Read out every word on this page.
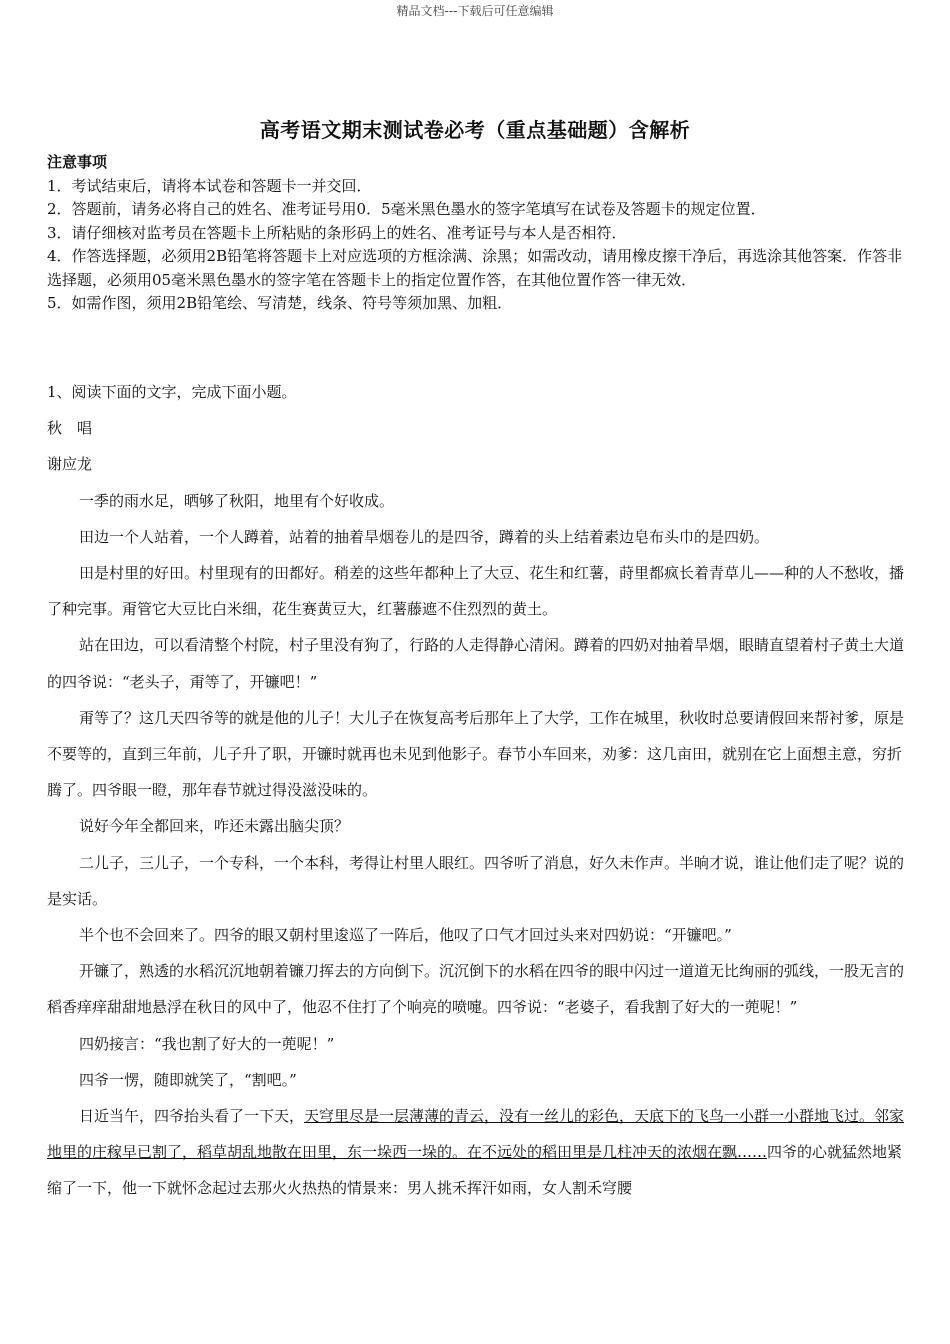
精品文档---下载后可任意编辑
高考语文期末测试卷必考（重点基础题）含解析

注意事项

1．考试结束后，请将本试卷和答题卡一并交回．

2．答题前，请务必将自己的姓名、准考证号用0．5毫米黑色墨水的签字笔填写在试卷及答题卡的规定位置．

3．请仔细核对监考员在答题卡上所粘贴的条形码上的姓名、准考证号与本人是否相符．

4．作答选择题，必须用2B铅笔将答题卡上对应选项的方框涂满、涂黑；如需改动，请用橡皮擦干净后，再选涂其他答案．作答非选择题，必须用05毫米黑色墨水的签字笔在答题卡上的指定位置作答，在其他位置作答一律无效．

5．如需作图，须用2B铅笔绘、写清楚，线条、符号等须加黑、加粗．

1、阅读下面的文字，完成下面小题。

秋　唱

谢应龙

一季的雨水足，晒够了秋阳，地里有个好收成。

田边一个人站着，一个人蹲着，站着的抽着旱烟卷儿的是四爷，蹲着的头上结着素边皂布头巾的是四奶。

田是村里的好田。村里现有的田都好。稍差的这些年都种上了大豆、花生和红薯，莳里都疯长着青草儿——种的人不愁收，播了种完事。甭管它大豆比白米细，花生赛黄豆大，红薯藤遮不住烈烈的黄土。

站在田边，可以看清整个村院，村子里没有狗了，行路的人走得静心清闲。蹲着的四奶对抽着旱烟，眼睛直望着村子黄土大道的四爷说：“老头子，甭等了，开镰吧！”

甭等了？这几天四爷等的就是他的儿子！大儿子在恢复高考后那年上了大学，工作在城里，秋收时总要请假回来帮衬爹，原是不要等的，直到三年前，儿子升了职，开镰时就再也未见到他影子。春节小车回来，劝爹：这几亩田，就别在它上面想主意，穷折腾了。四爷眼一瞪，那年春节就过得没滋没味的。

说好今年全都回来，咋还未露出脑尖顶？

二儿子，三儿子，一个专科，一个本科，考得让村里人眼红。四爷听了消息，好久未作声。半晌才说，谁让他们走了呢？说的是实话。

半个也不会回来了。四爷的眼又朝村里逡巡了一阵后，他叹了口气才回过头来对四奶说：“开镰吧。”

开镰了，熟透的水稻沉沉地朝着镰刀挥去的方向倒下。沉沉倒下的水稻在四爷的眼中闪过一道道无比绚丽的弧线，一股无言的稻香痒痒甜甜地悬浮在秋日的风中了，他忍不住打了个响亮的喷嚏。四爷说：“老婆子，看我割了好大的一蔸呢！”

四奶接言：“我也割了好大的一蔸呢！”

四爷一愣，随即就笑了，“割吧。”

日近当午，四爷抬头看了一下天，天穹里尽是一层薄薄的青云，没有一丝儿的彩色，天底下的飞鸟一小群一小群地飞过。邻家地里的庄稼早已割了，稻草胡乱地散在田里，东一垛西一垛的。在不远处的稻田里是几柱冲天的浓烟在飘……四爷的心就猛然地紧缩了一下，他一下就怀念起过去那火火热热的情景来：男人挑禾挥汗如雨，女人割禾穹腰
